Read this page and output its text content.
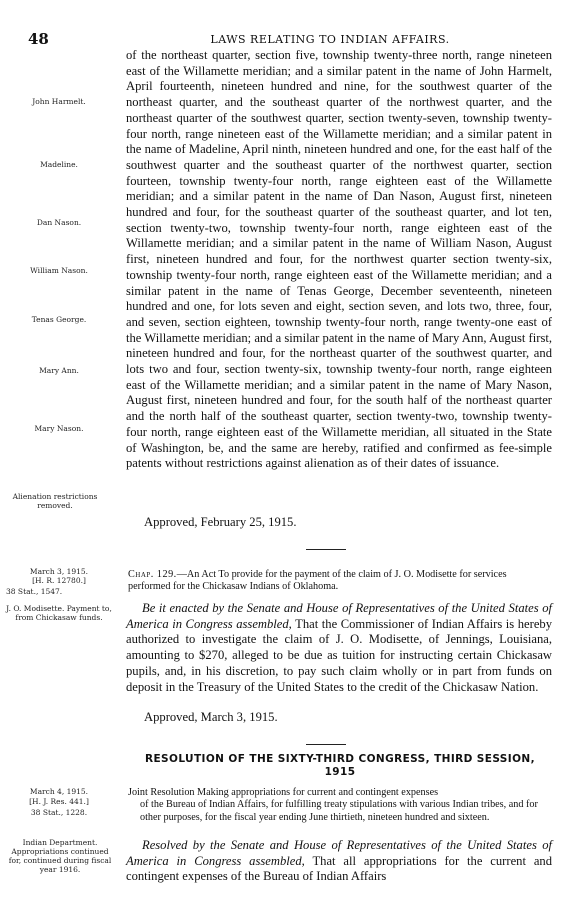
48	LAWS RELATING TO INDIAN AFFAIRS.
John Harmelt.
Madeline.
Dan Nason.
William Nason.
Tenas George.
Mary Ann.
Mary Nason.
Alienation restrictions removed.
March 3, 1915.
[H. R. 12780.]
38 Stat., 1547.
J. O. Modisette. Payment to, from Chickasaw funds.
March 4, 1915.
[H. J. Res. 441.]
38 Stat., 1228.
Indian Department. Appropriations continued for, continued during fiscal year 1916.

of the northeast quarter, section five, township twenty-three north, range nineteen east of the Willamette meridian; and a similar patent in the name of John Harmelt, April fourteenth, nineteen hundred and nine, for the southwest quarter of the northeast quarter, and the southeast quarter of the northwest quarter, and the northeast quarter of the southwest quarter, section twenty-seven, township twenty-four north, range nineteen east of the Willamette meridian; and a similar patent in the name of Madeline, April ninth, nineteen hundred and one, for the east half of the southwest quarter and the southeast quarter of the northwest quarter, section fourteen, township twenty-four north, range eighteen east of the Willamette meridian; and a similar patent in the name of Dan Nason, August first, nineteen hundred and four, for the southeast quarter of the southeast quarter, and lot ten, section twenty-two, township twenty-four north, range eighteen east of the Willamette meridian; and a similar patent in the name of William Nason, August first, nineteen hundred and four, for the northwest quarter section twenty-six, township twenty-four north, range eighteen east of the Willamette meridian; and a similar patent in the name of Tenas George, December seventeenth, nineteen hundred and one, for lots seven and eight, section seven, and lots two, three, four, and seven, section eighteen, township twenty-four north, range twenty-one east of the Willamette meridian; and a similar patent in the name of Mary Ann, August first, nineteen hundred and four, for the northeast quarter of the southwest quarter, and lots two and four, section twenty-six, township twenty-four north, range eighteen east of the Willamette meridian; and a similar patent in the name of Mary Nason, August first, nineteen hundred and four, for the south half of the northeast quarter and the north half of the southeast quarter, section twenty-two, township twenty-four north, range eighteen east of the Willamette meridian, all situated in the State of Washington, be, and the same are hereby, ratified and confirmed as fee-simple patents without restrictions against alienation as of their dates of issuance.

Approved, February 25, 1915.
Chap. 129.—An Act To provide for the payment of the claim of J. O. Modisette for services performed for the Chickasaw Indians of Oklahoma.

Be it enacted by the Senate and House of Representatives of the United States of America in Congress assembled, That the Commissioner of Indian Affairs is hereby authorized to investigate the claim of J. O. Modisette, of Jennings, Louisiana, amounting to $270, alleged to be due as tuition for instructing certain Chickasaw pupils, and, in his discretion, to pay such claim wholly or in part from funds on deposit in the Treasury of the United States to the credit of the Chickasaw Nation.

Approved, March 3, 1915.
RESOLUTION OF THE SIXTY-THIRD CONGRESS, THIRD SESSION,
1915
Joint Resolution Making appropriations for current and contingent expenses
of the Bureau of Indian Affairs, for fulfilling treaty stipulations with various Indian tribes, and for other purposes, for the fiscal year ending June thirtieth, nineteen hundred and sixteen.

Resolved by the Senate and House of Representatives of the United States of America in Congress assembled, That all appropriations for the current and contingent expenses of the Bureau of Indian Affairs
